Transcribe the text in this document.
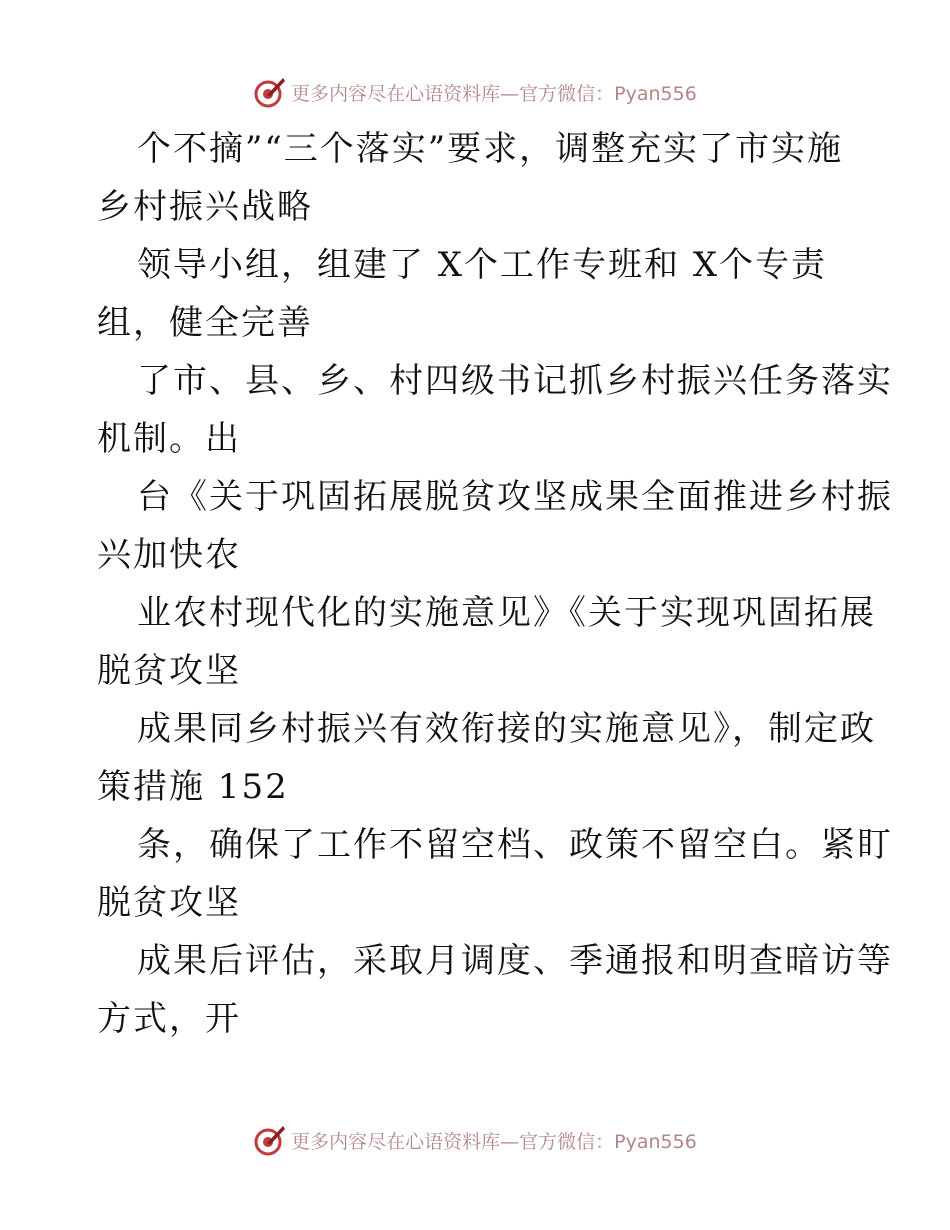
更多内容尽在心语资料库— 官方微信：Pyan556
个不摘”“三个落实”要求，调整充实了市实施
乡村振兴战略
领导小组，组建了 X个工作专班和 X个专责
组，健全完善
了市、县、乡、村四级书记抓乡村振兴任务落实
机制。出
台《关于巩固拓展脱贫攻坚成果全面推进乡村振
兴加快农
业农村现代化的实施意见》《关于实现巩固拓展
脱贫攻坚
成果同乡村振兴有效衔接的实施意见》，制定政
策措施 152
条，确保了工作不留空档、政策不留空白。紧盯
脱贫攻坚
成果后评估，采取月调度、季通报和明查暗访等
方式，开
更多内容尽在心语资料库— 官方微信：Pyan556
